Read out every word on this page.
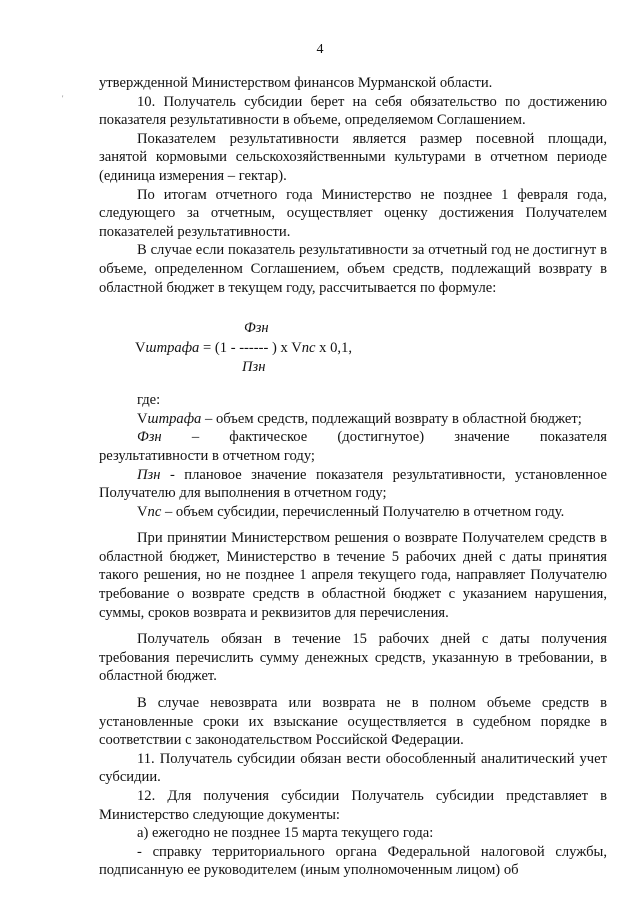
4
'

утвержденной Министерством финансов Мурманской области.

10. Получатель субсидии берет на себя обязательство по достижению показателя результативности в объеме, определяемом Соглашением.

Показателем результативности является размер посевной площади, занятой кормовыми сельскохозяйственными культурами в отчетном периоде (единица измерения – гектар).

По итогам отчетного года Министерство не позднее 1 февраля года, следующего за отчетным, осуществляет оценку достижения Получателем показателей результативности.

В случае если показатель результативности за отчетный год не достигнут в объеме, определенном Соглашением, объем средств, подлежащий возврату в областной бюджет в текущем году, рассчитывается по формуле:

Фзн
Vштрафа = (1 - ------ ) x Vпс x 0,1,
Пзн

где:

Vштрафа – объем средств, подлежащий возврату в областной бюджет;

Фзн – фактическое (достигнутое) значение показателя

результативности в отчетном году;

Пзн - плановое значение показателя результативности, установленное Получателю для выполнения в отчетном году;

Vпс – объем субсидии, перечисленный Получателю в отчетном году.

При принятии Министерством решения о возврате Получателем средств в областной бюджет, Министерство в течение 5 рабочих дней с даты принятия такого решения, но не позднее 1 апреля текущего года, направляет Получателю требование о возврате средств в областной бюджет с указанием нарушения, суммы, сроков возврата и реквизитов для перечисления.

Получатель обязан в течение 15 рабочих дней с даты получения требования перечислить сумму денежных средств, указанную в требовании, в областной бюджет.

В случае невозврата или возврата не в полном объеме средств в установленные сроки их взыскание осуществляется в судебном порядке в соответствии с законодательством Российской Федерации.

11. Получатель субсидии обязан вести обособленный аналитический учет субсидии.

12. Для получения субсидии Получатель субсидии представляет в Министерство следующие документы:

а) ежегодно не позднее 15 марта текущего года:

- справку территориального органа Федеральной налоговой службы, подписанную ее руководителем (иным уполномоченным лицом) об
